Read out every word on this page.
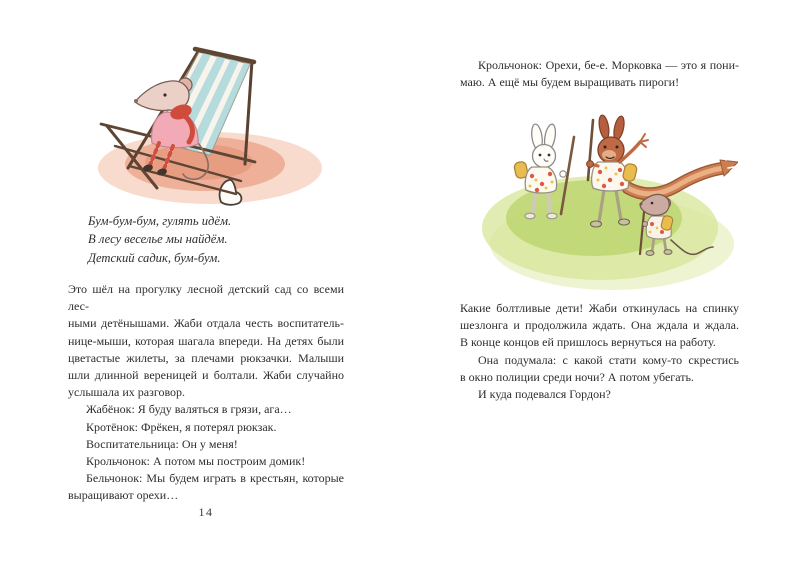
Бум-бум-бум, гулять идём.
В лесу веселье мы найдём.
Детский садик, бум-бум.
Это шёл на прогулку лесной детский сад со всеми лес-
ными детёнышами. Жаби отдала честь воспитатель-
нице-мыши, которая шагала впереди. На детях были
цветастые жилеты, за плечами рюкзачки. Малыши
шли длинной вереницей и болтали. Жаби случайно
услышала их разговор.
Жабёнок: Я буду валяться в грязи, ага…
Кротёнок: Фрёкен, я потерял рюкзак.
Воспитательница: Он у меня!
Крольчонок: А потом мы построим домик!
Бельчонок: Мы будем играть в крестьян, которые
выращивают орехи…
14
Крольчонок: Орехи, бе-е. Морковка — это я пони-
маю. А ещё мы будем выращивать пироги!
Какие болтливые дети! Жаби откинулась на спинку
шезлонга и продолжила ждать. Она ждала и ждала.
В конце концов ей пришлось вернуться на работу.
Она подумала: с какой стати кому-то скрестись
в окно полиции среди ночи? А потом убегать.
И куда подевался Гордон?
